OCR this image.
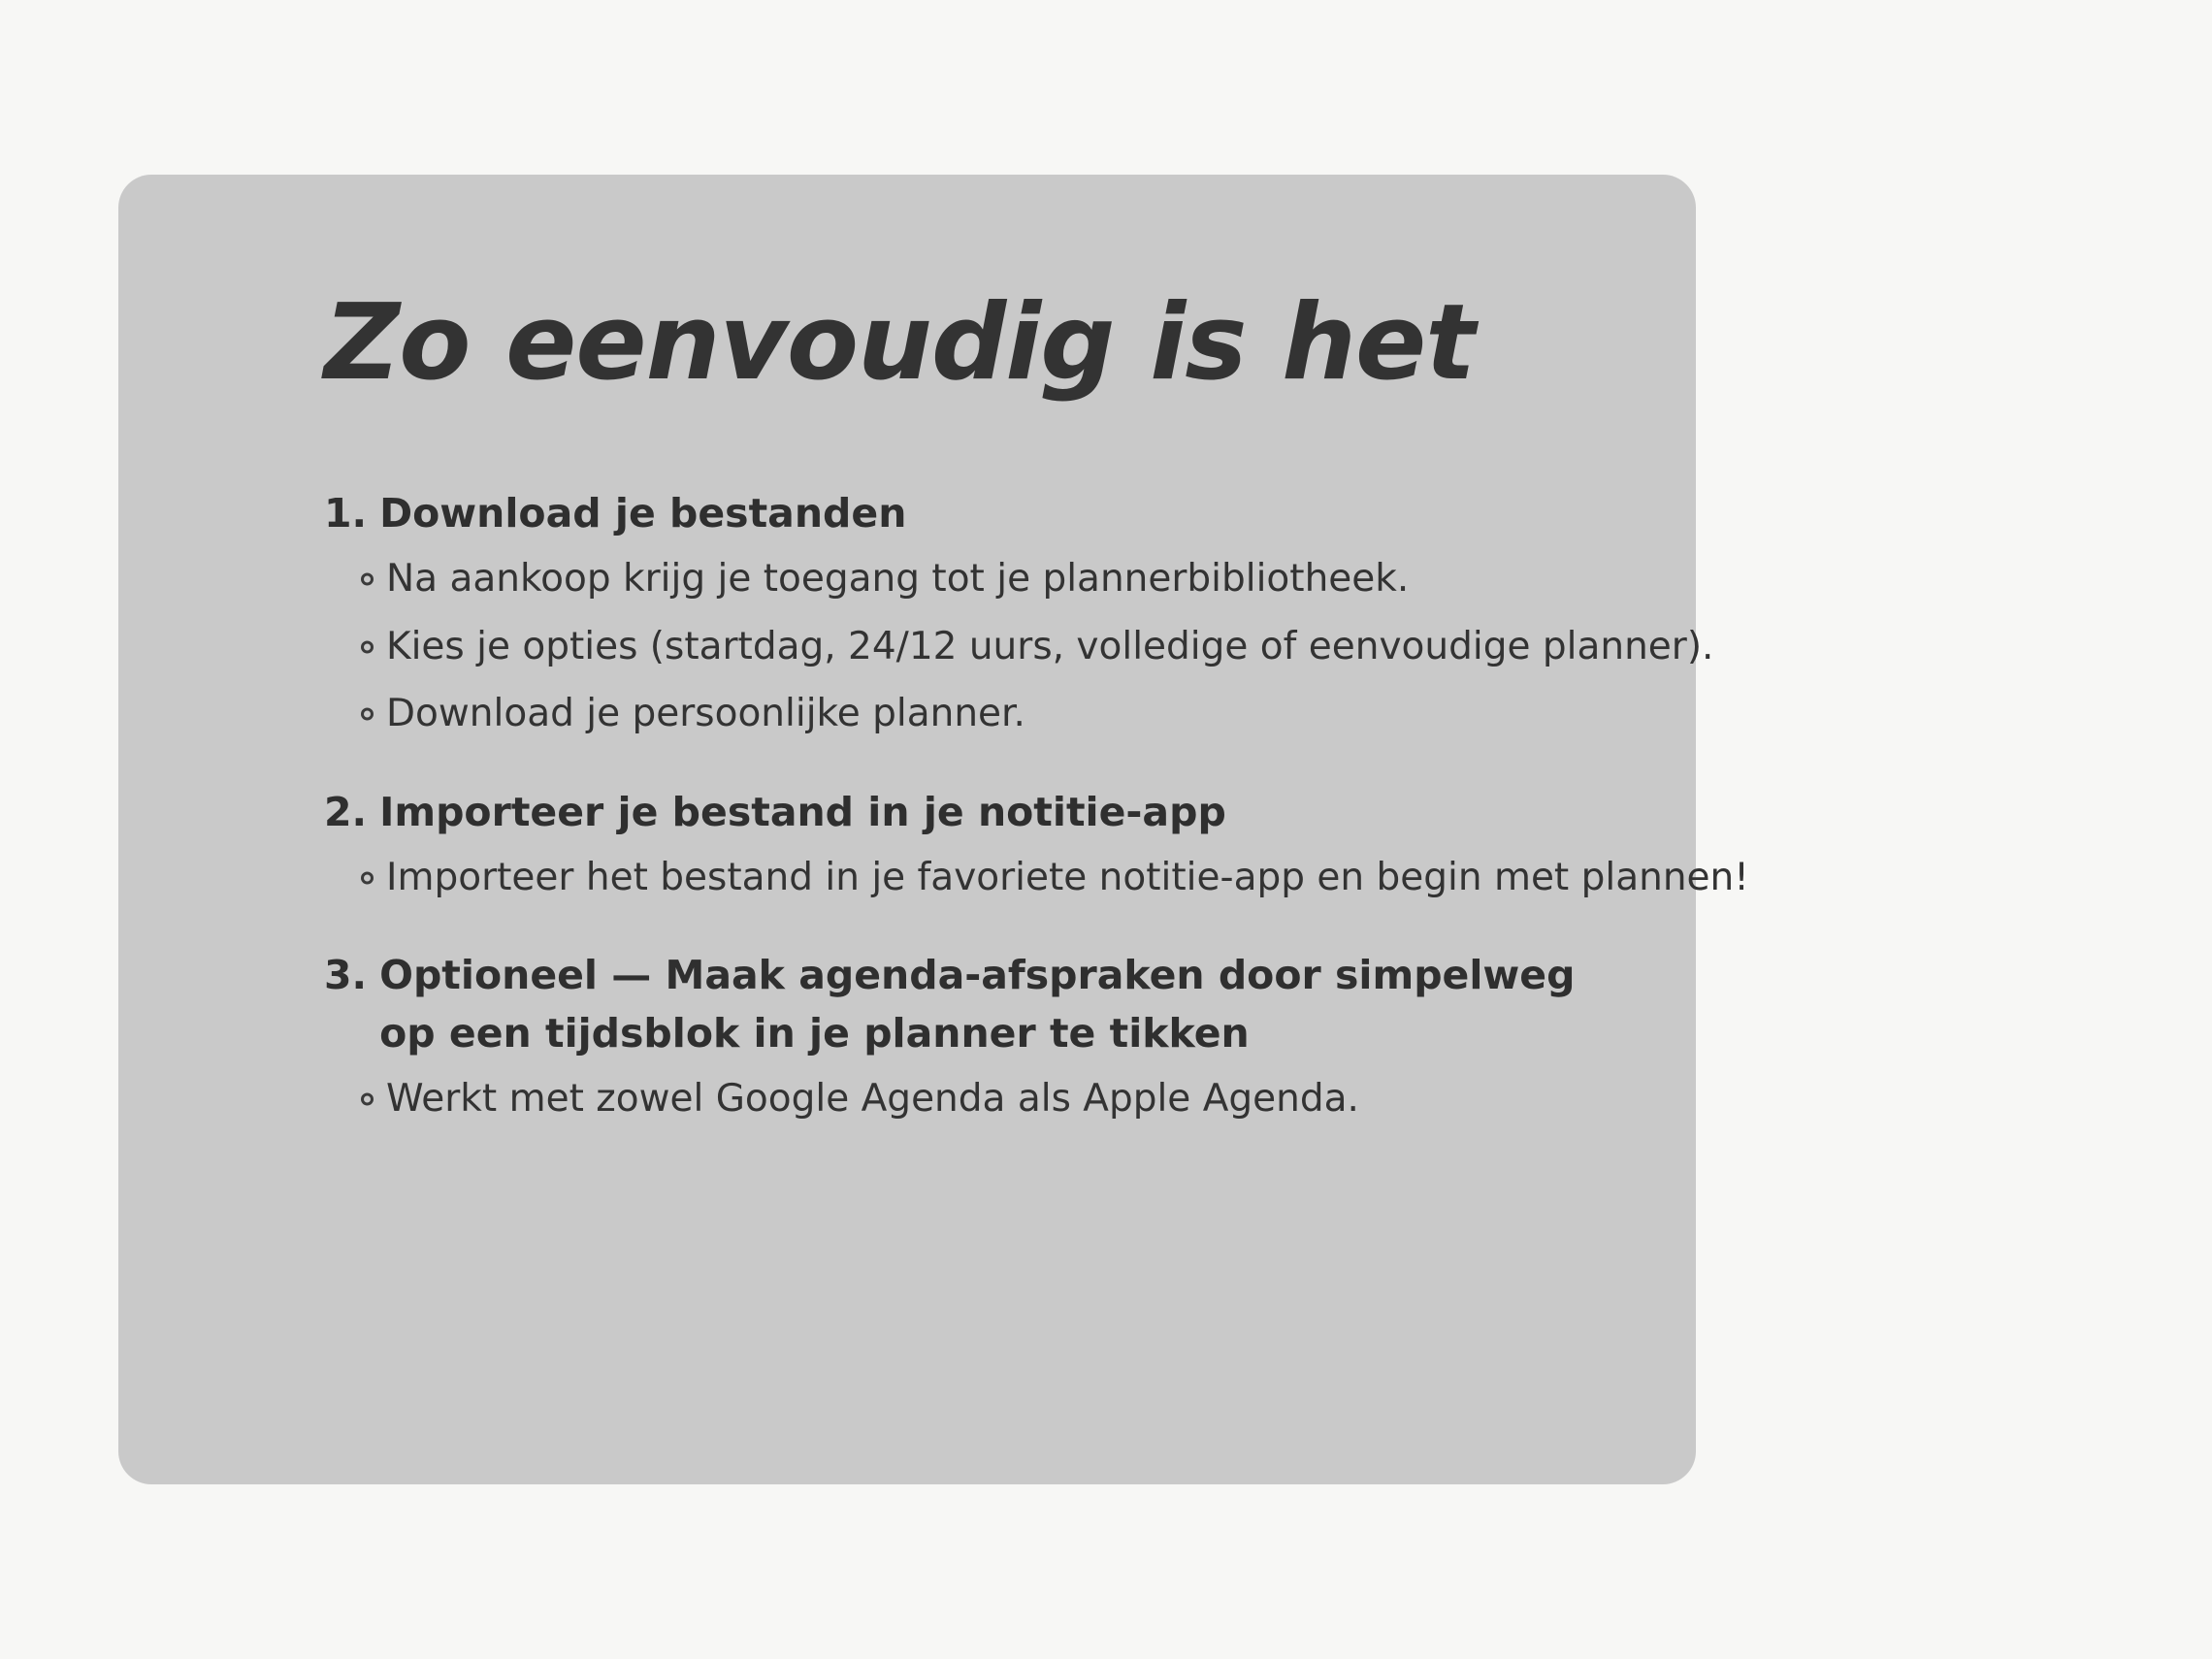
Zo eenvoudig is het
1. Download je bestanden
Na aankoop krijg je toegang tot je plannerbibliotheek.
Kies je opties (startdag, 24/12 uurs, volledige of eenvoudige planner).
Download je persoonlijke planner.
2. Importeer je bestand in je notitie-app
Importeer het bestand in je favoriete notitie-app en begin met plannen!
3. Optioneel — Maak agenda-afspraken door simpelweg op een tijdsblok in je planner te tikken
Werkt met zowel Google Agenda als Apple Agenda.
